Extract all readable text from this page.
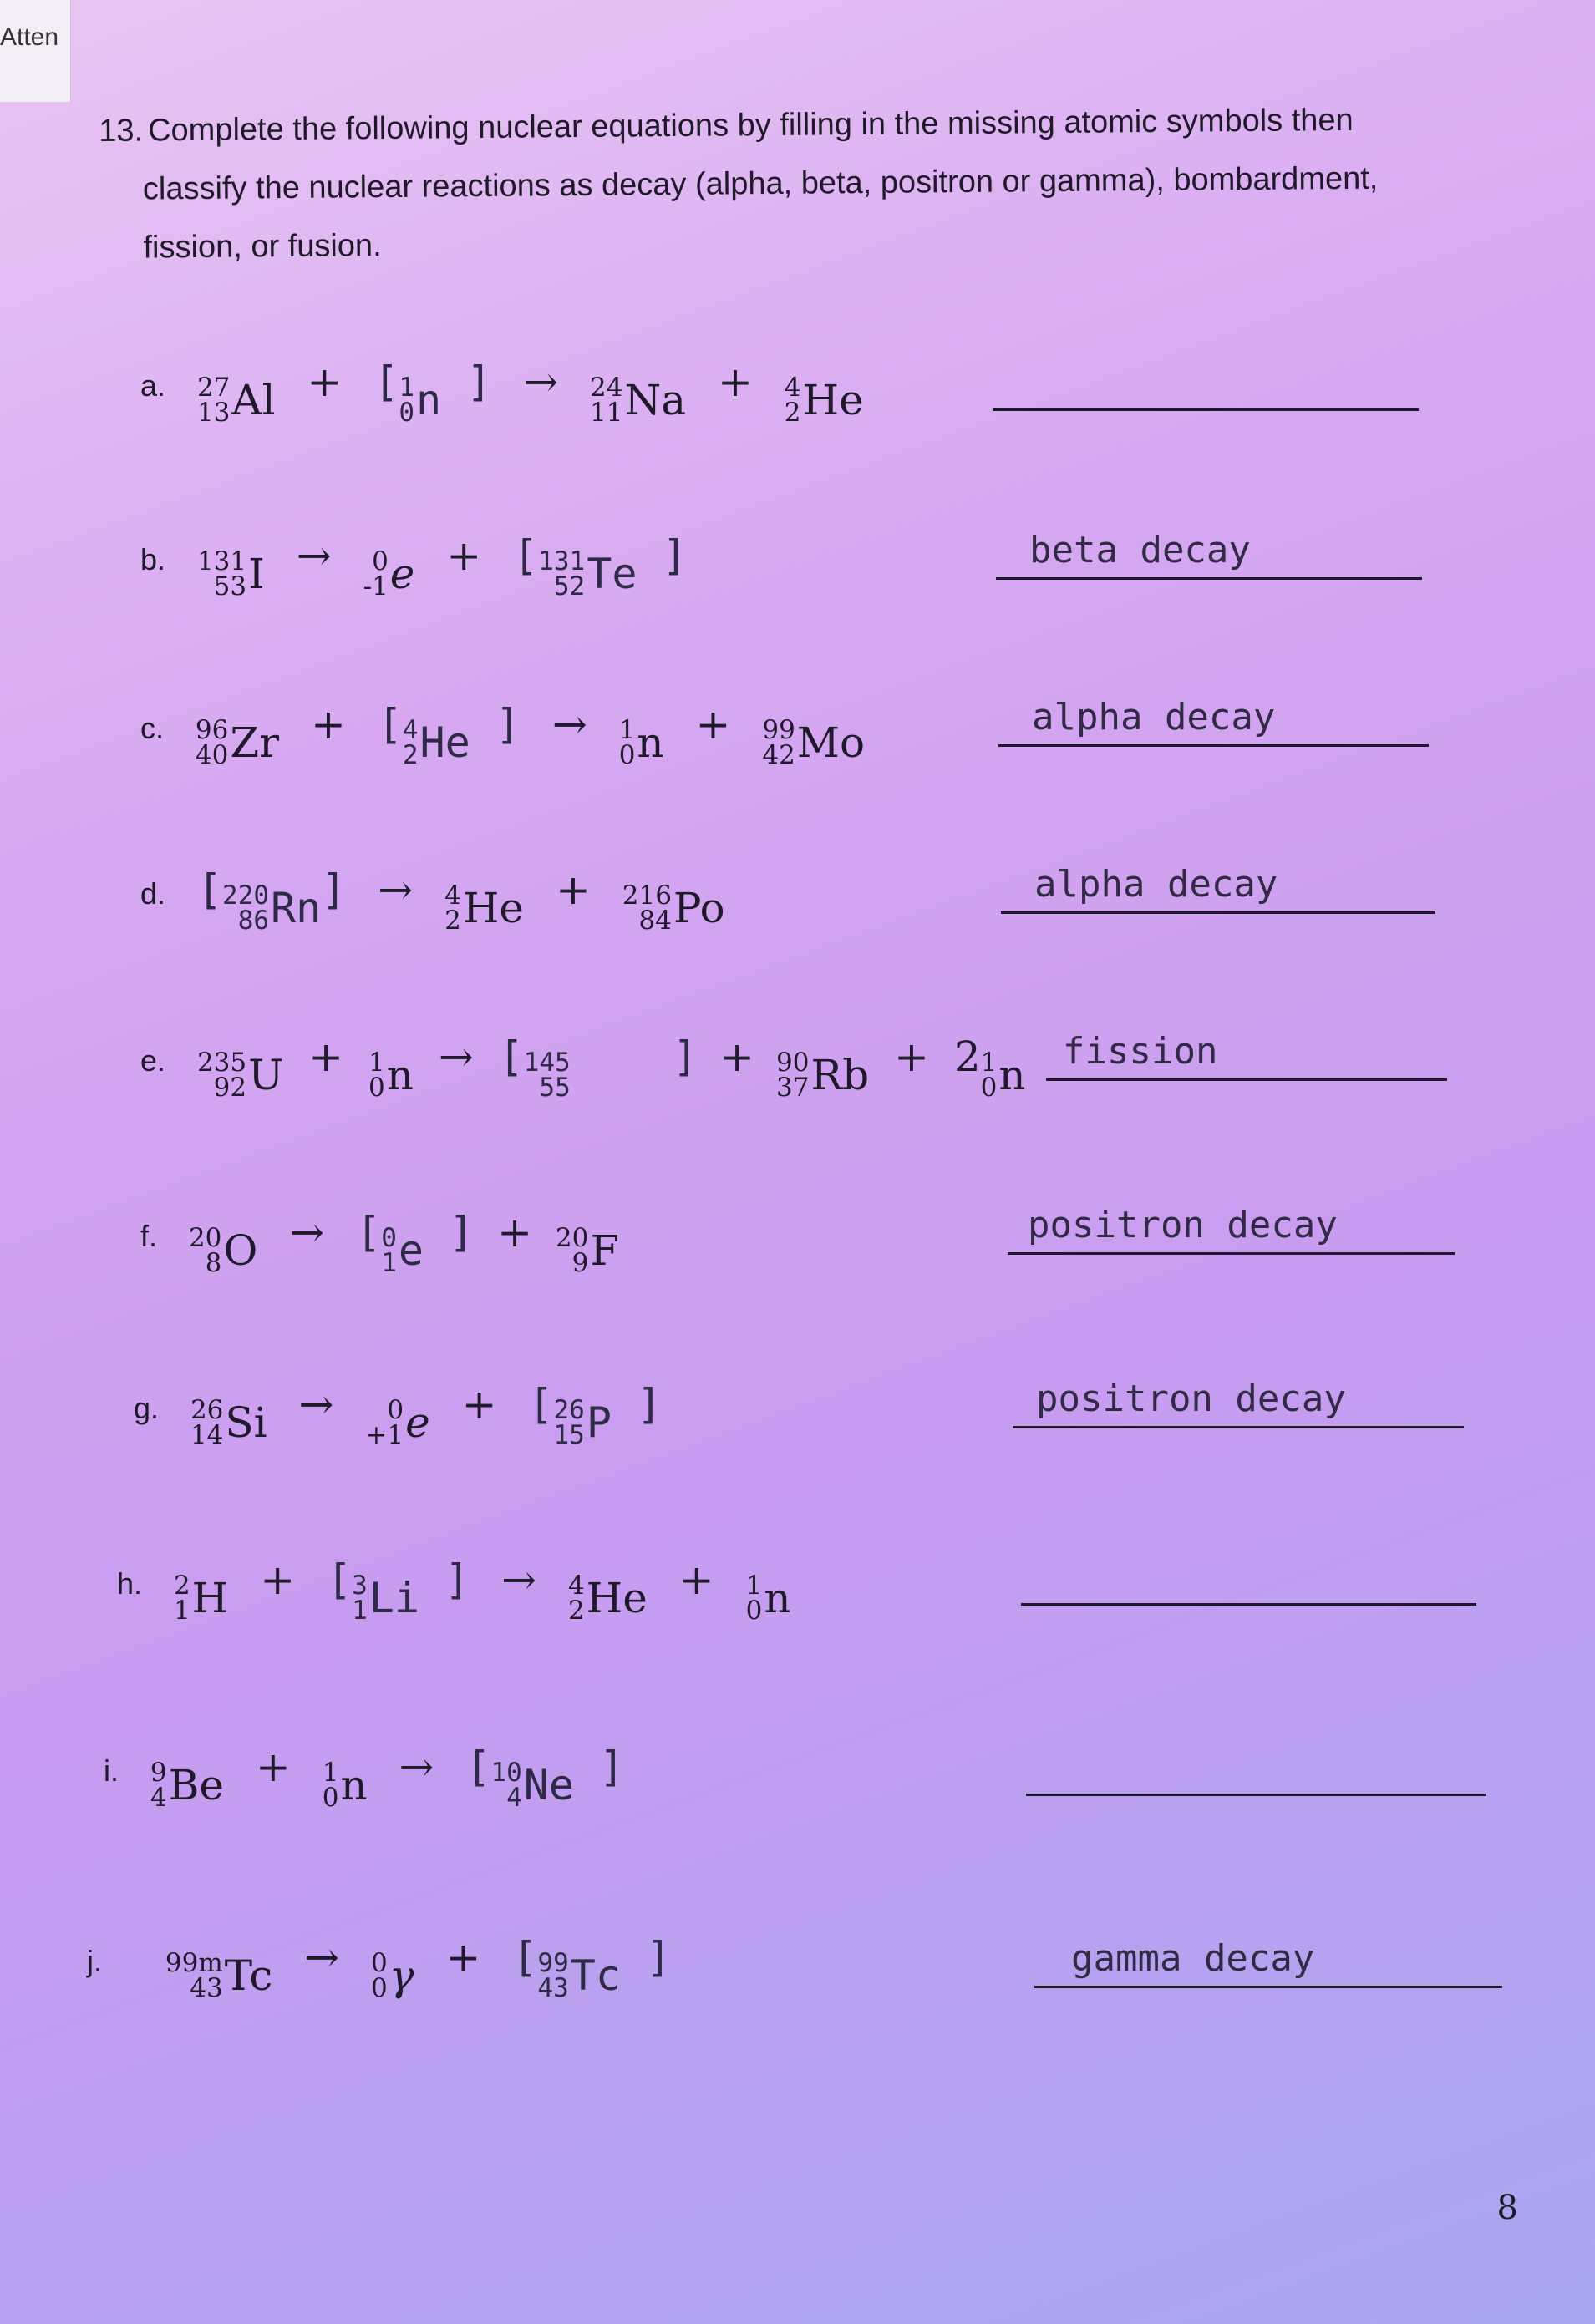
Atten
13. Complete the following nuclear equations by filling in the missing atomic symbols then
classify the nuclear reactions as decay (alpha, beta, positron or gamma), bombardment,
fission, or fusion.
a. 27
13 Al + [ 1
0 n ] → 24
11 Na + 4
2 He
b. 131
53 I → 0
-1 e + [ 131
52 Te ]	beta decay
c. 96
40 Zr + [ 4
2 He ] → 1
0 n + 99
42 Mo
alpha decay
d. [ 220
86 Rn ] → 4
2 He + 216
84 Po	alpha decay
e. 235
92 U + 1
0 n → [ 145
55
] + 90
37 Rb + 2 1
0 n	fission
f. 20
8 O → [ 0
1 e ] + 20
9 F
positron decay
g. 26
14 Si → 0
+1 e + [ 26
15 P ]	positron decay
h. 2
1 H + [ 3
1 Li ] → 4
2 He + 1
0 n
i. 9
4 Be + 1
0 n → [ 10
4 Ne ]
j. 99m
43 Tc → 0
0 γ + [ 99
43 Tc ]	gamma decay
8
